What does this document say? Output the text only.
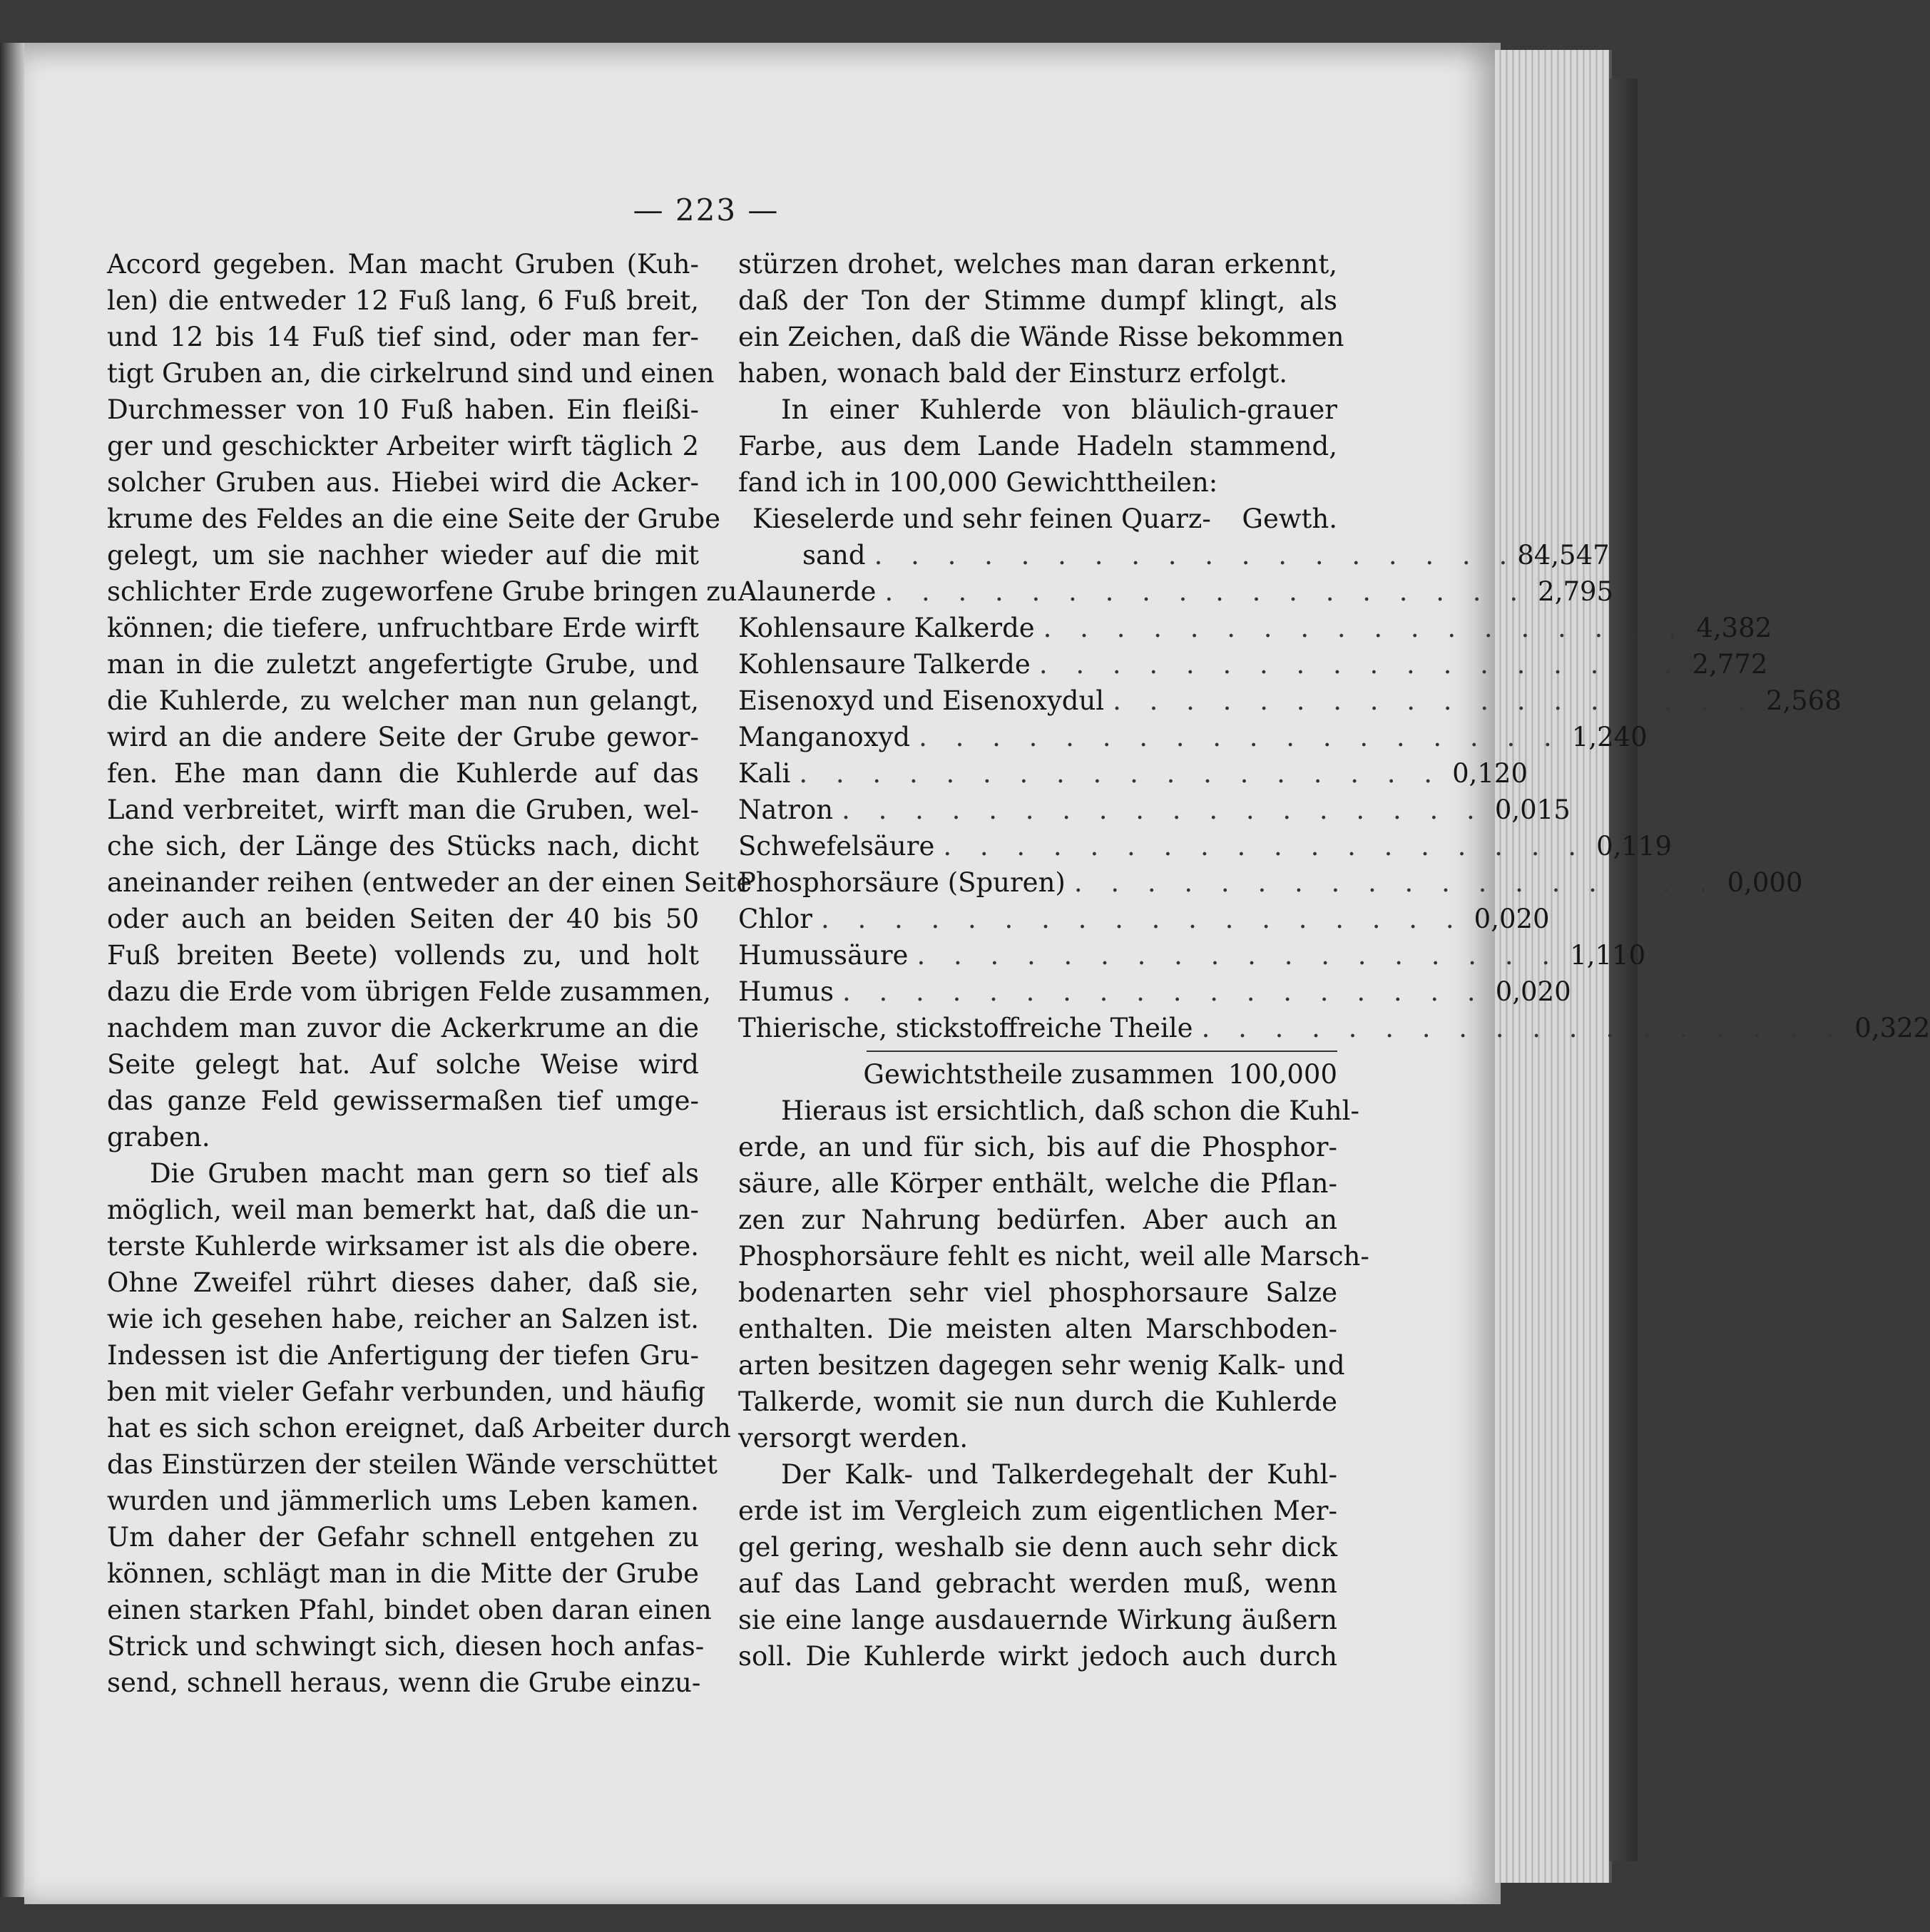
— 223 —
Accord gegeben. Man macht Gruben (Kuh-
len) die entweder 12 Fuß lang, 6 Fuß breit,
und 12 bis 14 Fuß tief sind, oder man fer-
tigt Gruben an, die cirkelrund sind und einen
Durchmesser von 10 Fuß haben. Ein fleißi-
ger und geschickter Arbeiter wirft täglich 2
solcher Gruben aus. Hiebei wird die Acker-
krume des Feldes an die eine Seite der Grube
gelegt, um sie nachher wieder auf die mit
schlichter Erde zugeworfene Grube bringen zu
können; die tiefere, unfruchtbare Erde wirft
man in die zuletzt angefertigte Grube, und
die Kuhlerde, zu welcher man nun gelangt,
wird an die andere Seite der Grube gewor-
fen. Ehe man dann die Kuhlerde auf das
Land verbreitet, wirft man die Gruben, wel-
che sich, der Länge des Stücks nach, dicht
aneinander reihen (entweder an der einen Seite
oder auch an beiden Seiten der 40 bis 50
Fuß breiten Beete) vollends zu, und holt
dazu die Erde vom übrigen Felde zusammen,
nachdem man zuvor die Ackerkrume an die
Seite gelegt hat. Auf solche Weise wird
das ganze Feld gewissermaßen tief umge-
graben.
Die Gruben macht man gern so tief als
möglich, weil man bemerkt hat, daß die un-
terste Kuhlerde wirksamer ist als die obere.
Ohne Zweifel rührt dieses daher, daß sie,
wie ich gesehen habe, reicher an Salzen ist.
Indessen ist die Anfertigung der tiefen Gru-
ben mit vieler Gefahr verbunden, und häufig
hat es sich schon ereignet, daß Arbeiter durch
das Einstürzen der steilen Wände verschüttet
wurden und jämmerlich ums Leben kamen.
Um daher der Gefahr schnell entgehen zu
können, schlägt man in die Mitte der Grube
einen starken Pfahl, bindet oben daran einen
Strick und schwingt sich, diesen hoch anfas-
send, schnell heraus, wenn die Grube einzu-
stürzen drohet, welches man daran erkennt,
daß der Ton der Stimme dumpf klingt, als
ein Zeichen, daß die Wände Risse bekommen
haben, wonach bald der Einsturz erfolgt.
In einer Kuhlerde von bläulich-grauer
Farbe, aus dem Lande Hadeln stammend,
fand ich in 100,000 Gewichttheilen:
Kieselerde und sehr feinen Quarz- Gewth.
sand . . . . . . . . . . . . . . . . . . 84,547
Alaunerde . . . . . . . . . . . . . . . . . . 2,795
Kohlensaure Kalkerde . . . . . . . . . . . . . . . . . . 4,382
Kohlensaure Talkerde . . . . . . . . . . . . . . . . . . 2,772
Eisenoxyd und Eisenoxydul . . . . . . . . . . . . . . . . . . 2,568
Manganoxyd . . . . . . . . . . . . . . . . . . 1,240
Kali . . . . . . . . . . . . . . . . . . 0,120
Natron . . . . . . . . . . . . . . . . . . 0,015
Schwefelsäure . . . . . . . . . . . . . . . . . . 0,119
Phosphorsäure (Spuren) . . . . . . . . . . . . . . . . . . 0,000
Chlor . . . . . . . . . . . . . . . . . . 0,020
Humussäure . . . . . . . . . . . . . . . . . . 1,110
Humus . . . . . . . . . . . . . . . . . . 0,020
Thierische, stickstoffreiche Theile . . . . . . . . . . . . . . . . . . 0,322
Gewichtstheile zusammen 100,000
Hieraus ist ersichtlich, daß schon die Kuhl-
erde, an und für sich, bis auf die Phosphor-
säure, alle Körper enthält, welche die Pflan-
zen zur Nahrung bedürfen. Aber auch an
Phosphorsäure fehlt es nicht, weil alle Marsch-
bodenarten sehr viel phosphorsaure Salze
enthalten. Die meisten alten Marschboden-
arten besitzen dagegen sehr wenig Kalk- und
Talkerde, womit sie nun durch die Kuhlerde
versorgt werden.
Der Kalk- und Talkerdegehalt der Kuhl-
erde ist im Vergleich zum eigentlichen Mer-
gel gering, weshalb sie denn auch sehr dick
auf das Land gebracht werden muß, wenn
sie eine lange ausdauernde Wirkung äußern
soll. Die Kuhlerde wirkt jedoch auch durch
